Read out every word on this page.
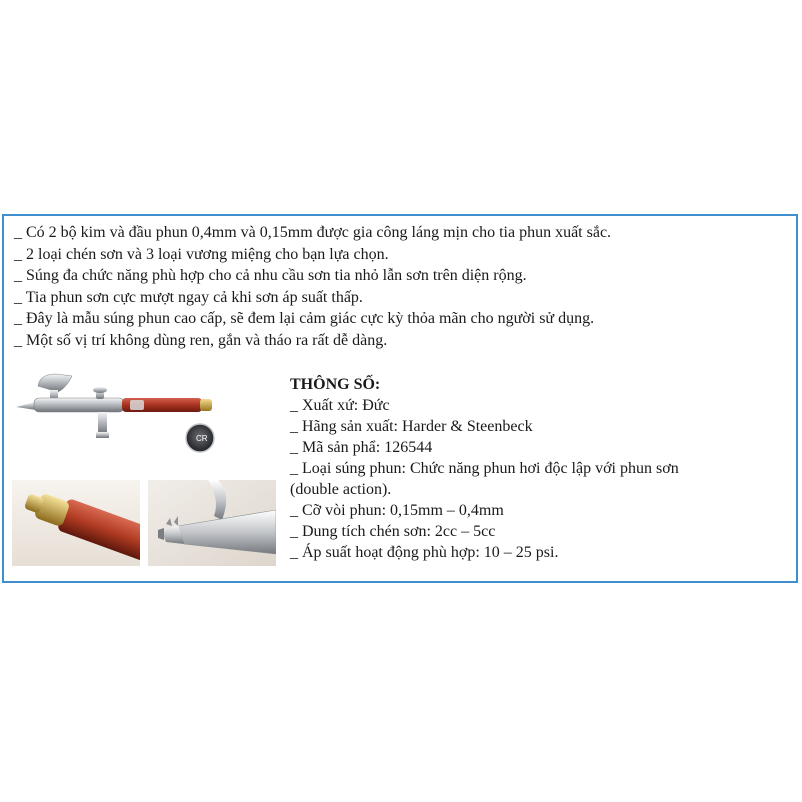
_ Có 2 bộ kim và đầu phun 0,4mm và 0,15mm được gia công láng mịn cho tia phun xuất sắc.
_ 2 loại chén sơn và 3 loại vương miệng cho bạn lựa chọn.
_ Súng đa chức năng phù hợp cho cả nhu cầu sơn tia nhỏ lẫn sơn trên diện rộng.
_ Tia phun sơn cực mượt ngay cả khi sơn áp suất thấp.
_ Đây là mẫu súng phun cao cấp, sẽ đem lại cảm giác cực kỳ thỏa mãn cho người sử dụng.
_ Một số vị trí không dùng ren, gắn và tháo ra rất dễ dàng.
CR
THÔNG SỐ:
_ Xuất xứ: Đức
_ Hãng sản xuất: Harder & Steenbeck
_ Mã sản phẩ: 126544
_ Loại súng phun: Chức năng phun hơi độc lập với phun sơn
(double action).
_ Cỡ vòi phun: 0,15mm – 0,4mm
_ Dung tích chén sơn: 2cc – 5cc
_ Áp suất hoạt động phù hợp: 10 – 25 psi.
